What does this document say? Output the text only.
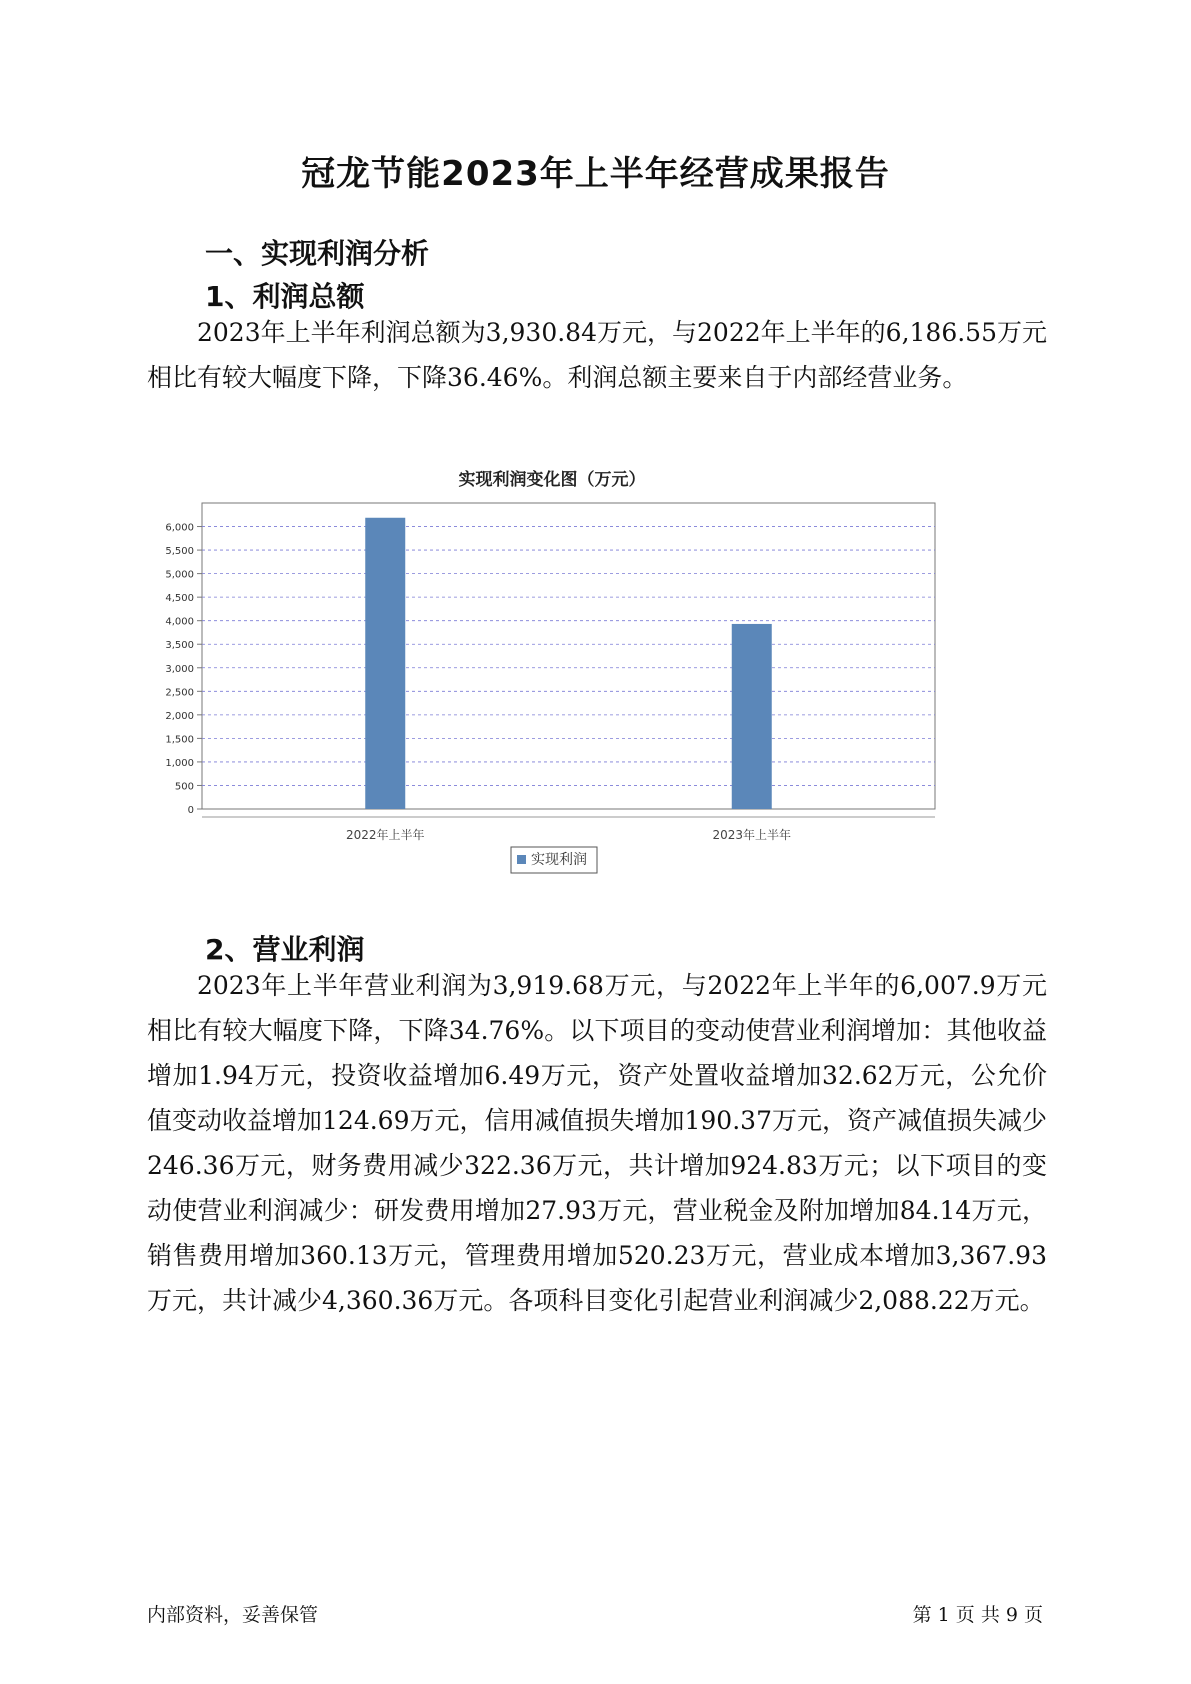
冠龙节能2023年上半年经营成果报告
一、实现利润分析
1、利润总额
2023年上半年利润总额为3,930.84万元，与2022年上半年的6,186.55万元相比有较大幅度下降，下降36.46%。利润总额主要来自于内部经营业务。
实现利润变化图（万元）
0
500
1,000
1,500
2,000
2,500
3,000
3,500
4,000
4,500
5,000
5,500
6,000
2022年上半年	2023年上半年
实现利润
2、营业利润
2023年上半年营业利润为3,919.68万元，与2022年上半年的6,007.9万元相比有较大幅度下降，下降34.76%。以下项目的变动使营业利润增加：其他收益增加1.94万元，投资收益增加6.49万元，资产处置收益增加32.62万元，公允价值变动收益增加124.69万元，信用减值损失增加190.37万元，资产减值损失减少246.36万元，财务费用减少322.36万元，共计增加924.83万元；以下项目的变动使营业利润减少：研发费用增加27.93万元，营业税金及附加增加84.14万元，销售费用增加360.13万元，管理费用增加520.23万元，营业成本增加3,367.93万元，共计减少4,360.36万元。各项科目变化引起营业利润减少2,088.22万元。
内部资料，妥善保管	第 1 页 共 9 页
